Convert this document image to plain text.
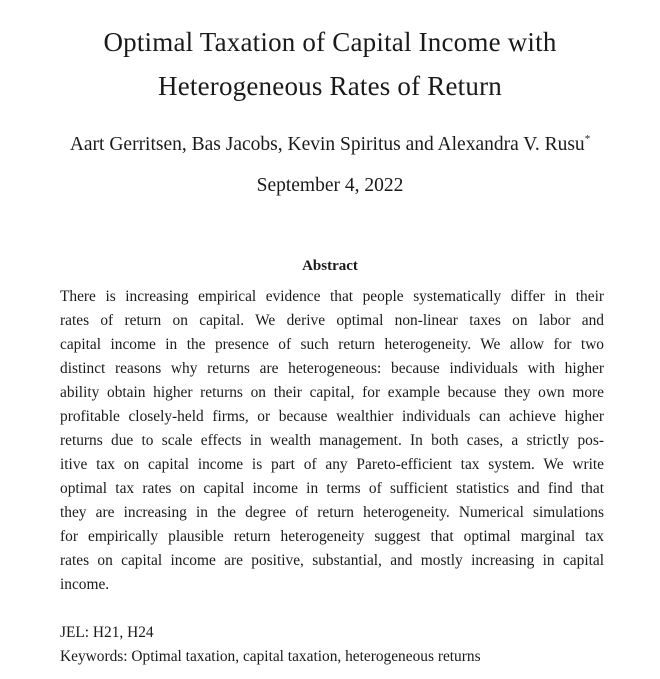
Optimal Taxation of Capital Income with
Heterogeneous Rates of Return
Aart Gerritsen, Bas Jacobs, Kevin Spiritus and Alexandra V. Rusu*
September 4, 2022
Abstract
There is increasing empirical evidence that people systematically differ in their
rates of return on capital. We derive optimal non-linear taxes on labor and
capital income in the presence of such return heterogeneity. We allow for two
distinct reasons why returns are heterogeneous: because individuals with higher
ability obtain higher returns on their capital, for example because they own more
profitable closely-held firms, or because wealthier individuals can achieve higher
returns due to scale effects in wealth management. In both cases, a strictly pos-
itive tax on capital income is part of any Pareto-efficient tax system. We write
optimal tax rates on capital income in terms of sufficient statistics and find that
they are increasing in the degree of return heterogeneity. Numerical simulations
for empirically plausible return heterogeneity suggest that optimal marginal tax
rates on capital income are positive, substantial, and mostly increasing in capital
income.
JEL: H21, H24
Keywords: Optimal taxation, capital taxation, heterogeneous returns
